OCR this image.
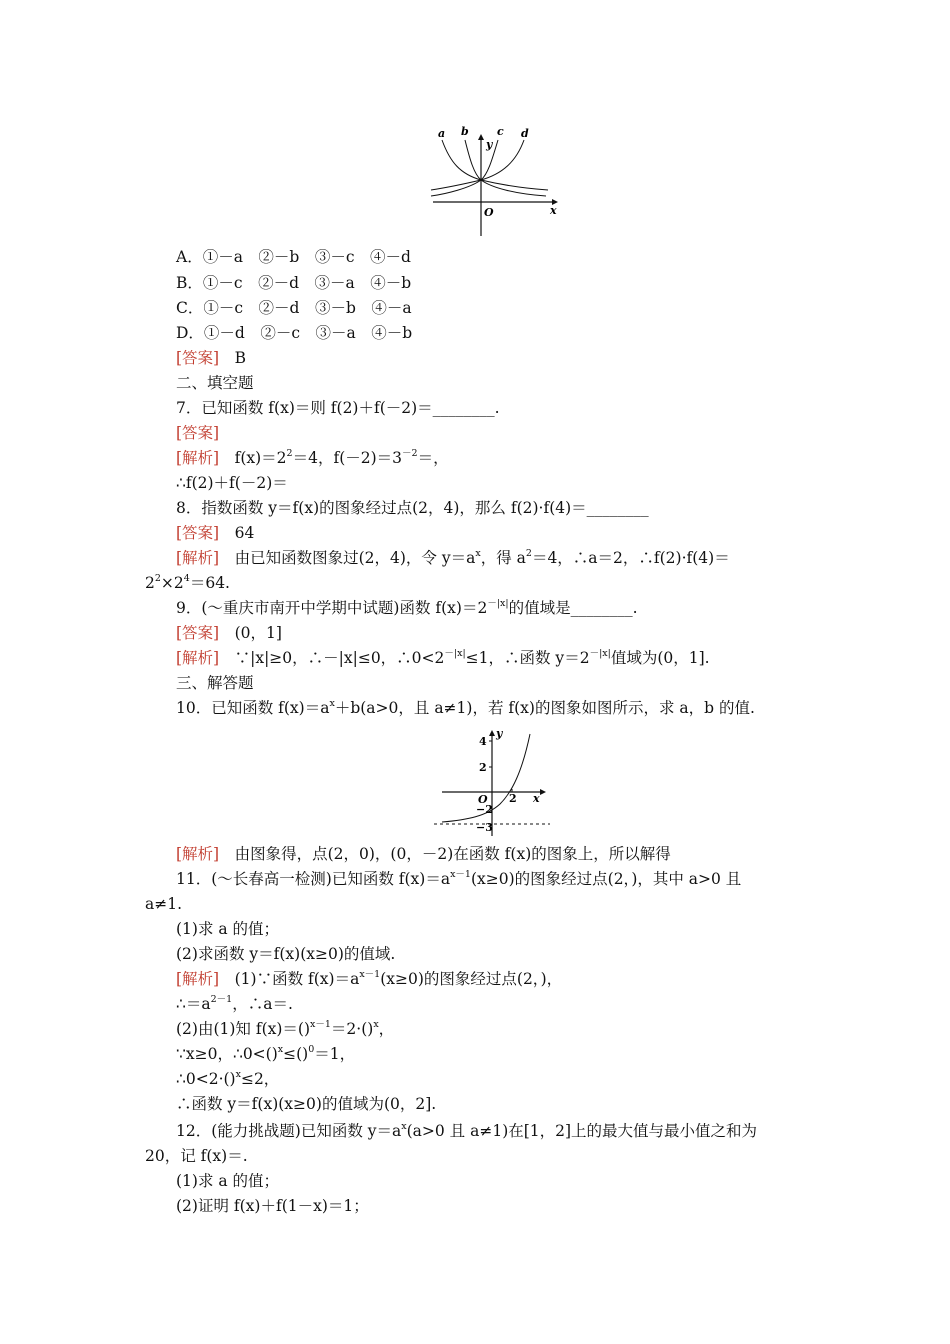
a b	c d
y
x
O
A．①－a　②－b　③－c　④－d
B．①－c　②－d　③－a　④－b
C．①－c　②－d　③－b　④－a
D．①－d　②－c　③－a　④－b
[答案]　B
二、填空题
7．已知函数 f(x)＝则 f(2)＋f(－2)＝________.
[答案]
[解析]　$f(x)=2^2=4$，$f(-2)=3^{-2}=$，
∴f(2)＋f(－2)＝
8．指数函数 y＝f(x)的图象经过点(2，4)，那么 f(2)·f(4)＝________
[答案]　64
[解析]　由已知函数图象过(2，4)，令 $y=a^x$，得 $a^2=4$，∴a＝2，∴f(2)·f(4)＝
$2^2\times 2^4=64$.
9．(～重庆市南开中学期中试题)函数 $f(x)=2^{-|x|}$的值域是________.
[答案]　(0，1]
[解析]　∵|x|≥0，∴－|x|≤0，$\therefore 0<2^{-|x|}\le 1$，∴函数 $y=2^{-|x|}$值域为(0，1].
三、解答题
10．已知函数 $f(x)=a^x+b(a>0$，且 a≠1)，若 f(x)的图象如图所示，求 a，b 的值.
y
x
O
4
2
2
−2
−3
[解析]　由图象得，点(2，0)，(0，－2)在函数 f(x)的图象上，所以解得
11．(～长春高一检测)已知函数 $f(x)=a^{x-1}(x\ge 0)$的图象经过点(2，)，其中 a>0 且
a≠1.
(1)求 a 的值；
(2)求函数 y＝f(x)(x≥0)的值域.
[解析]　(1)∵函数 $f(x)=a^{x-1}(x\ge 0)$的图象经过点(2，)，
$\therefore=a^{2-1}$，∴a＝.
(2)由(1)知 f(x)＝()$^{x-1}$＝2·()$^x$，
∵x≥0，∴0<()$^x$≤()$^0$＝1，
∴0<2·()$^x$≤2，
∴函数 y＝f(x)(x≥0)的值域为(0，2].
12．(能力挑战题)已知函数 $y=a^x(a>0$ 且 a≠1)在[1，2]上的最大值与最小值之和为
20，记 f(x)＝.
(1)求 a 的值；
(2)证明 f(x)＋f(1－x)＝1；
